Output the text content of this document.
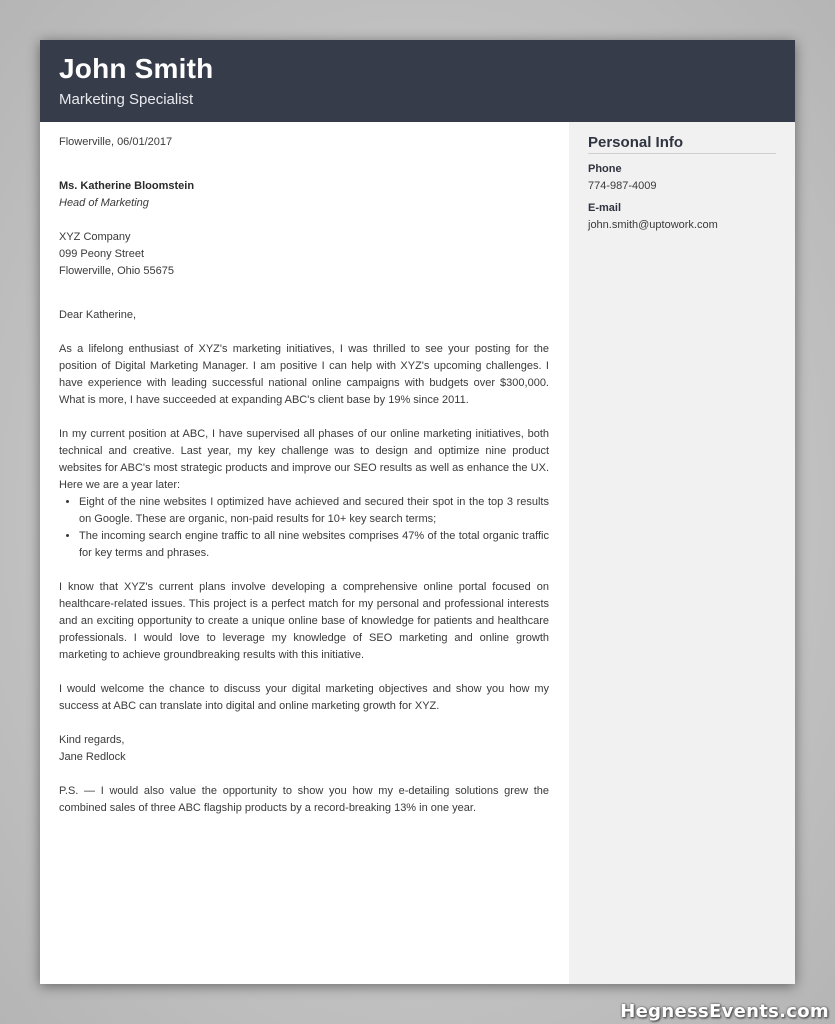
John Smith
Marketing Specialist

Flowerville, 06/01/2017

Ms. Katherine Bloomstein

Head of Marketing

XYZ Company

099 Peony Street

Flowerville, Ohio 55675

Dear Katherine,

As a lifelong enthusiast of XYZ's marketing initiatives, I was thrilled to see your posting for the position of Digital Marketing Manager. I am positive I can help with XYZ's upcoming challenges. I have experience with leading successful national online campaigns with budgets over $300,000. What is more, I have succeeded at expanding ABC's client base by 19% since 2011.

In my current position at ABC, I have supervised all phases of our online marketing initiatives, both technical and creative. Last year, my key challenge was to design and optimize nine product websites for ABC's most strategic products and improve our SEO results as well as enhance the UX. Here we are a year later:

• Eight of the nine websites I optimized have achieved and secured their spot in the top 3 results on Google. These are organic, non-paid results for 10+ key search terms;
• The incoming search engine traffic to all nine websites comprises 47% of the total organic traffic for key terms and phrases.

I know that XYZ's current plans involve developing a comprehensive online portal focused on healthcare-related issues. This project is a perfect match for my personal and professional interests and an exciting opportunity to create a unique online base of knowledge for patients and healthcare professionals. I would love to leverage my knowledge of SEO marketing and online growth marketing to achieve groundbreaking results with this initiative.

I would welcome the chance to discuss your digital marketing objectives and show you how my success at ABC can translate into digital and online marketing growth for XYZ.

Kind regards,

Jane Redlock

P.S. — I would also value the opportunity to show you how my e-detailing solutions grew the combined sales of three ABC flagship products by a record-breaking 13% in one year.

Personal Info
Phone
774-987-4009
E-mail
john.smith@uptowork.com
HegnessEvents.com
